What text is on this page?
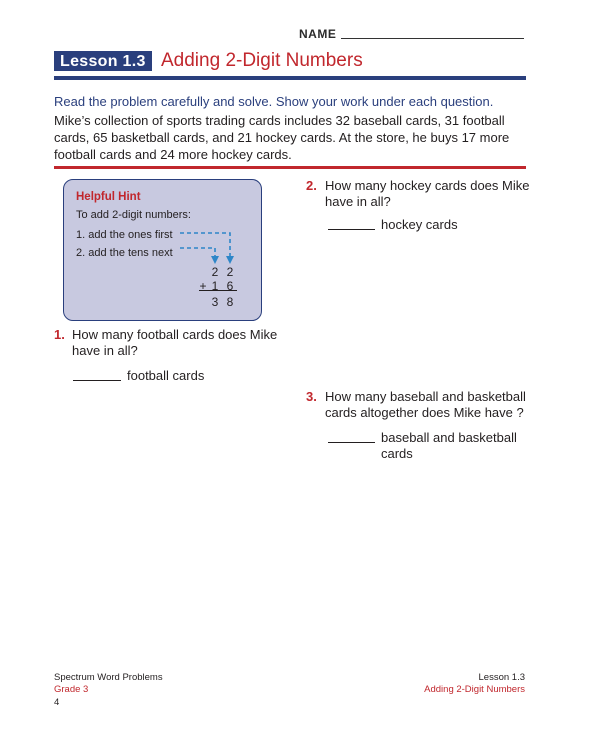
NAME
Lesson 1.3 Adding 2-Digit Numbers
Read the problem carefully and solve. Show your work under each question.
Mike’s collection of sports trading cards includes 32 baseball cards, 31 football cards, 65 basketball cards, and 21 hockey cards. At the store, he buys 17 more football cards and 24 more hockey cards.
Helpful Hint
To add 2-digit numbers:
1. add the ones first
2. add the tens next
2 2
+ 1 6
3 8
1. How many football cards does Mike
have in all?
football cards
2. How many hockey cards does Mike
have in all?
hockey cards
3. How many baseball and basketball
cards altogether does Mike have ?
baseball and basketball
cards
Spectrum Word Problems
Grade 3
4
Lesson 1.3
Adding 2-Digit Numbers
